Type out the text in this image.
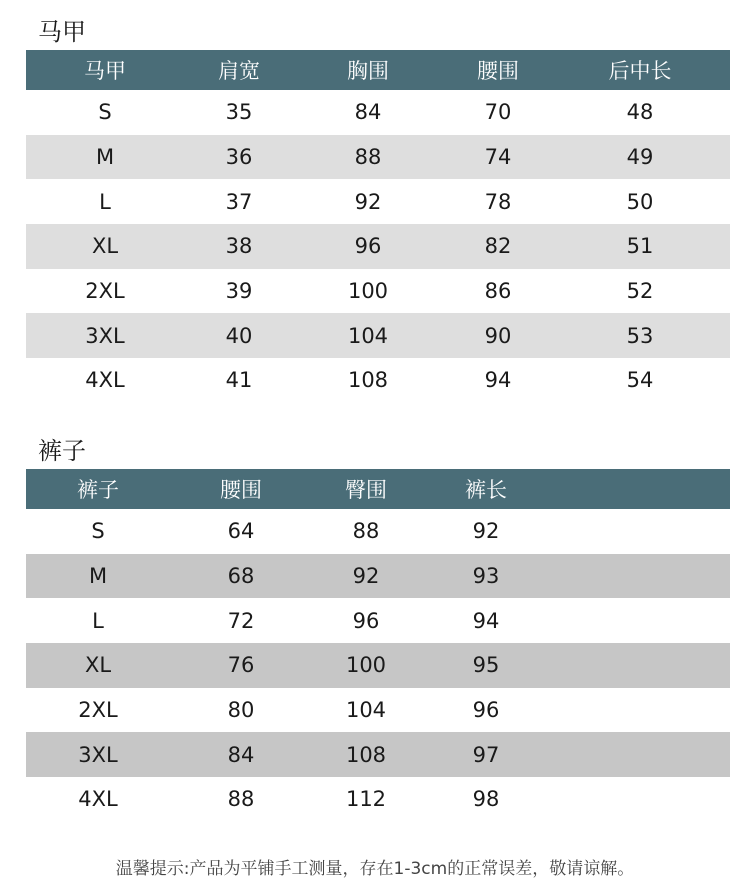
马甲
马甲	肩宽	胸围	腰围	后中长
S	35	84	70	48
M	36	88	74	49
L	37	92	78	50
XL	38	96	82	51
2XL	39	100	86	52
3XL	40	104	90	53
4XL	41	108	94	54
裤子
裤子	腰围	臀围	裤长
S	64	88	92
M	68	92	93
L	72	96	94
XL	76	100	95
2XL	80	104	96
3XL	84	108	97
4XL	88	112	98
温馨提示:产品为平铺手工测量，存在1-3cm的正常误差，敬请谅解。
